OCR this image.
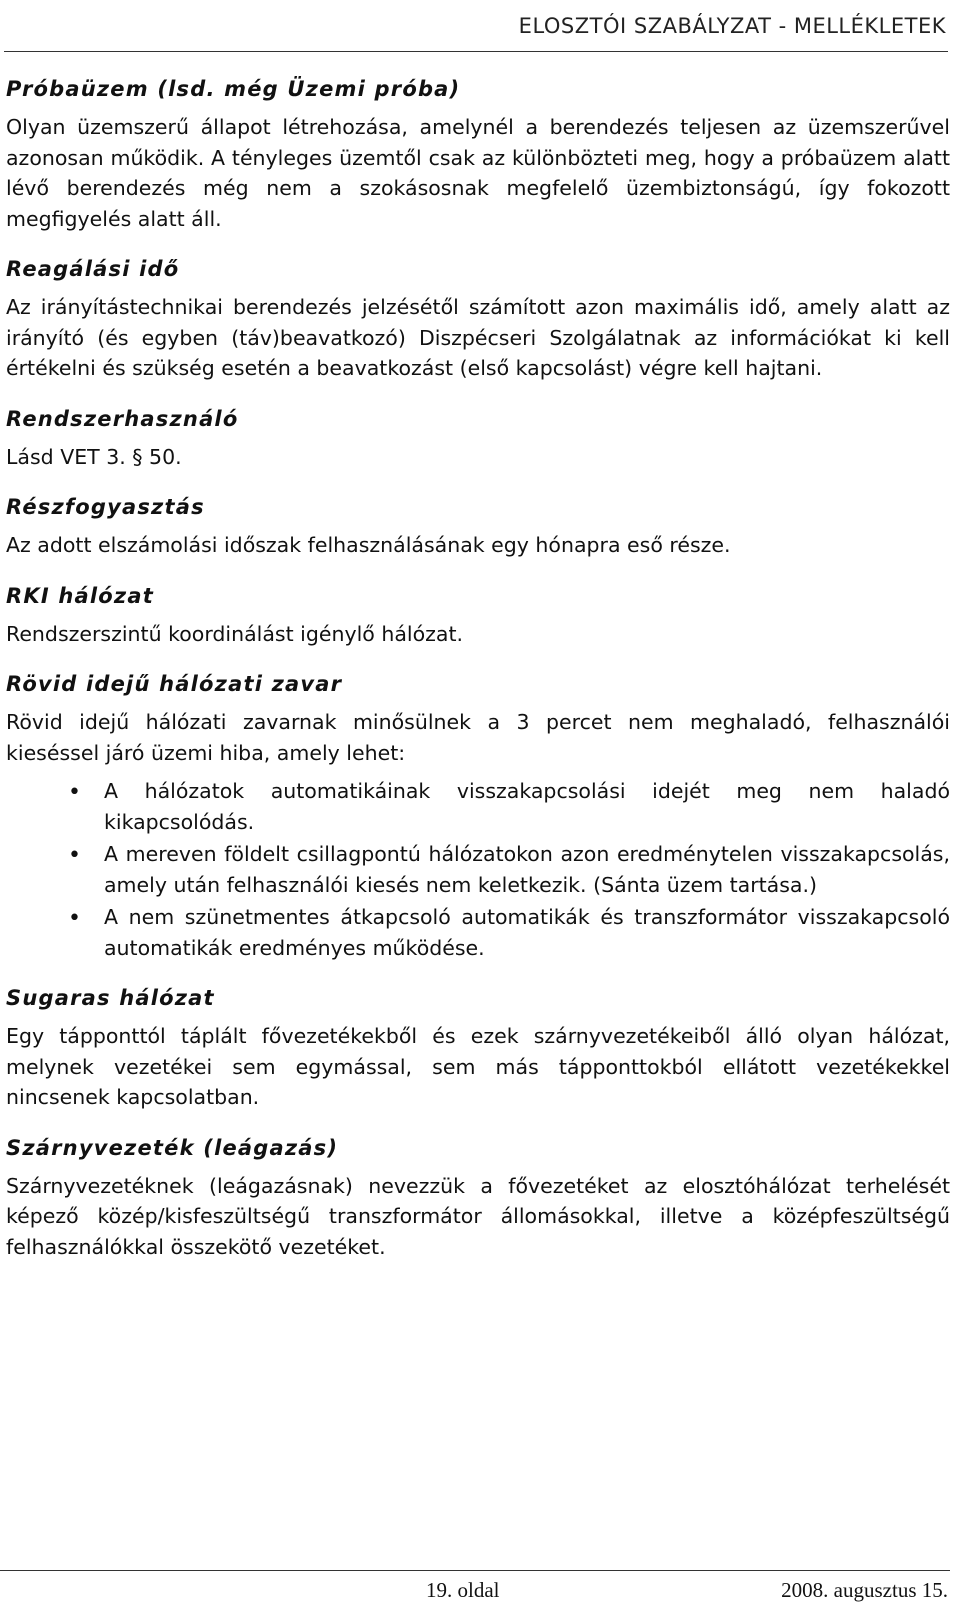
ELOSZTÓI SZABÁLYZAT - MELLÉKLETEK
Próbaüzem (lsd. még Üzemi próba)

Olyan üzemszerű állapot létrehozása, amelynél a berendezés teljesen az üzemszerűvel azonosan működik. A tényleges üzemtől csak az különbözteti meg, hogy a próbaüzem alatt lévő berendezés még nem a szokásosnak megfelelő üzembiztonságú, így fokozott megfigyelés alatt áll.

Reagálási idő

Az irányítástechnikai berendezés jelzésétől számított azon maximális idő, amely alatt az irányító (és egyben (táv)beavatkozó) Diszpécseri Szolgálatnak az információkat ki kell értékelni és szükség esetén a beavatkozást (első kapcsolást) végre kell hajtani.

Rendszerhasználó

Lásd VET 3. § 50.

Részfogyasztás

Az adott elszámolási időszak felhasználásának egy hónapra eső része.

RKI hálózat

Rendszerszintű koordinálást igénylő hálózat.

Rövid idejű hálózati zavar

Rövid idejű hálózati zavarnak minősülnek a 3 percet nem meghaladó, felhasználói kieséssel járó üzemi hiba, amely lehet:

• A hálózatok automatikáinak visszakapcsolási idejét meg nem haladó kikapcsolódás.
• A mereven földelt csillagpontú hálózatokon azon eredménytelen visszakapcsolás, amely után felhasználói kiesés nem keletkezik. (Sánta üzem tartása.)
• A nem szünetmentes átkapcsoló automatikák és transzformátor visszakapcsoló automatikák eredményes működése.
Sugaras hálózat

Egy tápponttól táplált fővezetékekből és ezek szárnyvezetékeiből álló olyan hálózat, melynek vezetékei sem egymással, sem más tápponttokból ellátott vezetékekkel nincsenek kapcsolatban.

Szárnyvezeték (leágazás)

Szárnyvezetéknek (leágazásnak) nevezzük a fővezetéket az elosztóhálózat terhelését képező közép/kisfeszültségű transzformátor állomásokkal, illetve a középfeszültségű felhasználókkal összekötő vezetéket.

19. oldal	2008. augusztus 15.
